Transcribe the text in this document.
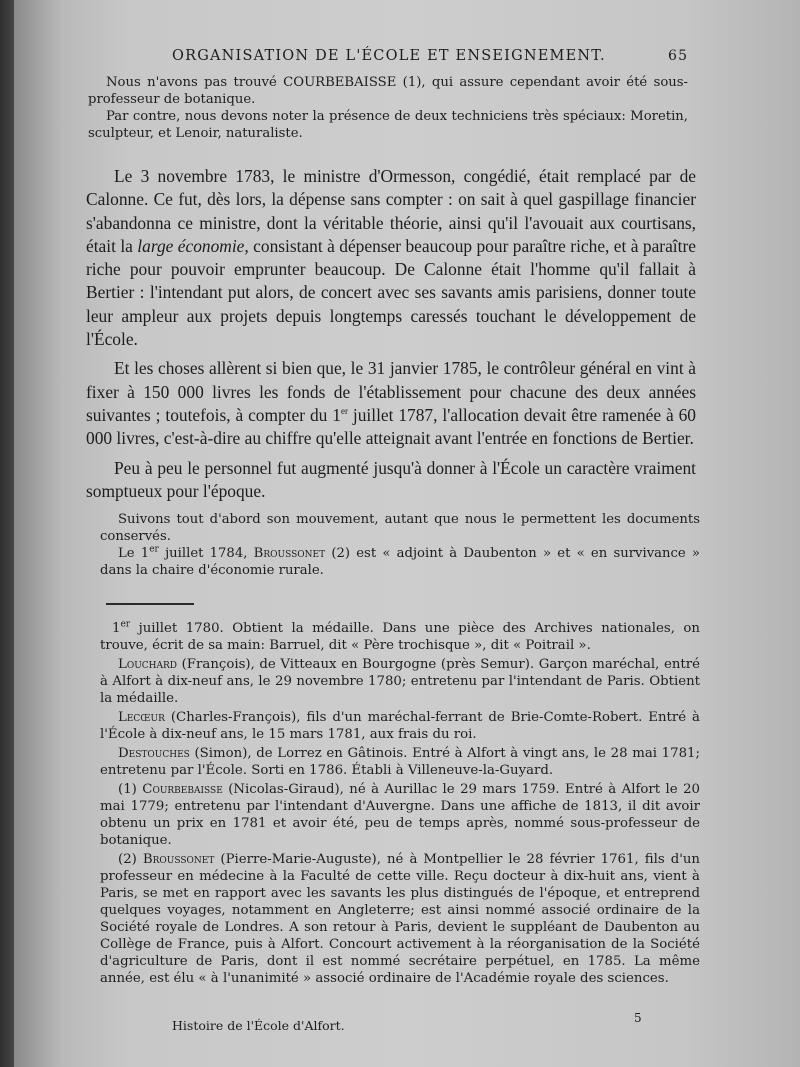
ORGANISATION DE L'ÉCOLE ET ENSEIGNEMENT.	65

Nous n'avons pas trouvé COURBEBAISSE (1), qui assure cependant avoir été sous-professeur de botanique.

Par contre, nous devons noter la présence de deux techniciens très spéciaux: Moretin, sculpteur, et Lenoir, naturaliste.

Le 3 novembre 1783, le ministre d'Ormesson, congédié, était remplacé par de Calonne. Ce fut, dès lors, la dépense sans compter : on sait à quel gaspillage financier s'abandonna ce ministre, dont la véritable théorie, ainsi qu'il l'avouait aux courtisans, était la large économie, consistant à dépenser beaucoup pour paraître riche, et à paraître riche pour pouvoir emprunter beaucoup. De Calonne était l'homme qu'il fallait à Bertier : l'intendant put alors, de concert avec ses savants amis parisiens, donner toute leur ampleur aux projets depuis longtemps caressés touchant le développement de l'École.

Et les choses allèrent si bien que, le 31 janvier 1785, le contrôleur général en vint à fixer à 150 000 livres les fonds de l'établissement pour chacune des deux années suivantes ; toutefois, à compter du 1er juillet 1787, l'allocation devait être ramenée à 60 000 livres, c'est-à-dire au chiffre qu'elle atteignait avant l'entrée en fonctions de Bertier.

Peu à peu le personnel fut augmenté jusqu'à donner à l'École un caractère vraiment somptueux pour l'époque.

Suivons tout d'abord son mouvement, autant que nous le permettent les documents conservés.

Le 1er juillet 1784, Broussonet (2) est « adjoint à Daubenton » et « en survivance » dans la chaire d'économie rurale.

1er juillet 1780. Obtient la médaille. Dans une pièce des Archives nationales, on trouve, écrit de sa main: Barruel, dit « Père trochisque », dit « Poitrail ».

Louchard (François), de Vitteaux en Bourgogne (près Semur). Garçon maréchal, entré à Alfort à dix-neuf ans, le 29 novembre 1780; entretenu par l'intendant de Paris. Obtient la médaille.

Lecœur (Charles-François), fils d'un maréchal-ferrant de Brie-Comte-Robert. Entré à l'École à dix-neuf ans, le 15 mars 1781, aux frais du roi.

Destouches (Simon), de Lorrez en Gâtinois. Entré à Alfort à vingt ans, le 28 mai 1781; entretenu par l'École. Sorti en 1786. Établi à Villeneuve-la-Guyard.

(1) Courbebaisse (Nicolas-Giraud), né à Aurillac le 29 mars 1759. Entré à Alfort le 20 mai 1779; entretenu par l'intendant d'Auvergne. Dans une affiche de 1813, il dit avoir obtenu un prix en 1781 et avoir été, peu de temps après, nommé sous-professeur de botanique.

(2) Broussonet (Pierre-Marie-Auguste), né à Montpellier le 28 février 1761, fils d'un professeur en médecine à la Faculté de cette ville. Reçu docteur à dix-huit ans, vient à Paris, se met en rapport avec les savants les plus distingués de l'époque, et entreprend quelques voyages, notamment en Angleterre; est ainsi nommé associé ordinaire de la Société royale de Londres. A son retour à Paris, devient le suppléant de Daubenton au Collège de France, puis à Alfort. Concourt activement à la réorganisation de la Société d'agriculture de Paris, dont il est nommé secrétaire perpétuel, en 1785. La même année, est élu « à l'unanimité » associé ordinaire de l'Académie royale des sciences.

Histoire de l'École d'Alfort.	5
